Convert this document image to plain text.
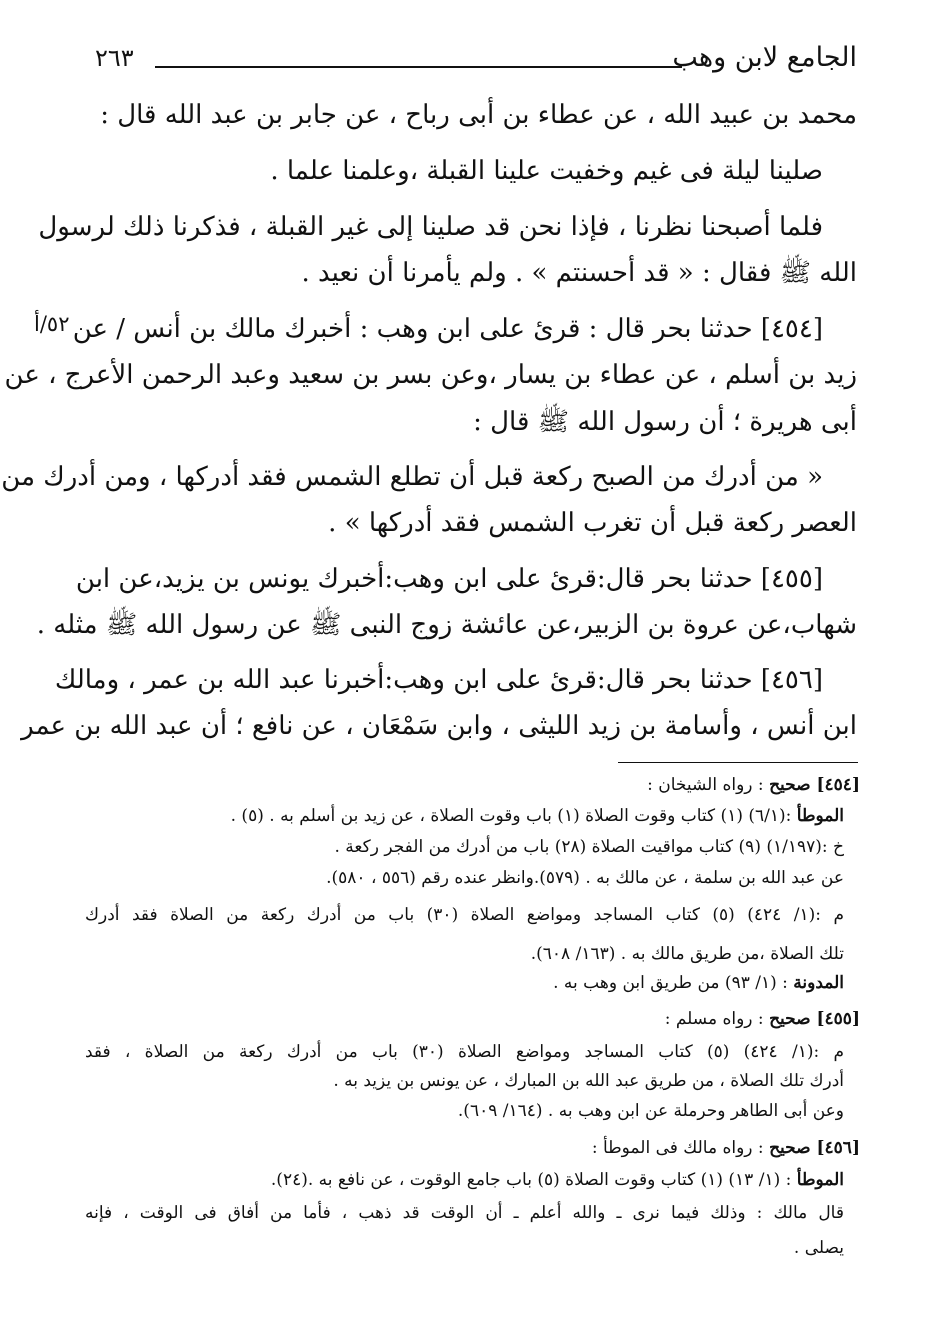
الجامع لابن وهب
٢٦٣
٥٢/أ
محمد بن عبيد الله ، عن عطاء بن أبى رباح ، عن جابر بن عبد الله قال :
صلينا ليلة فى غيم وخفيت علينا القبلة ،وعلمنا علما .
فلما أصبحنا نظرنا ، فإذا نحن قد صلينا إلى غير القبلة ، فذكرنا ذلك لرسول
الله ﷺ فقال : « قد أحسنتم » . ولم يأمرنا أن نعيد .
[٤٥٤] حدثنا بحر قال : قرئ على ابن وهب : أخبرك مالك بن أنس / عن
زيد بن أسلم ، عن عطاء بن يسار ،وعن بسر بن سعيد وعبد الرحمن الأعرج ، عن
أبى هريرة ؛ أن رسول الله ﷺ قال :
« من أدرك من الصبح ركعة قبل أن تطلع الشمس فقد أدركها ، ومن أدرك من
العصر ركعة قبل أن تغرب الشمس فقد أدركها » .
[٤٥٥] حدثنا بحر قال:قرئ على ابن وهب:أخبرك يونس بن يزيد،عن ابن
شهاب،عن عروة بن الزبير،عن عائشة زوج النبى ﷺ عن رسول الله ﷺ مثله .
[٤٥٦] حدثنا بحر قال:قرئ على ابن وهب:أخبرنا عبد الله بن عمر ، ومالك
ابن أنس ، وأسامة بن زيد الليثى ، وابن سَمْعَان ، عن نافع ؛ أن عبد الله بن عمر
[٤٥٤] صحيح : رواه الشيخان :
الموطأ :(٦/١) (١) كتاب وقوت الصلاة (١) باب وقوت الصلاة ، عن زيد بن أسلم به . (٥) .
خ :(١/١٩٧) (٩) كتاب مواقيت الصلاة (٢٨) باب من أدرك من الفجر ركعة .
عن عبد الله بن سلمة ، عن مالك به . (٥٧٩).وانظر عنده رقم (٥٥٦ ، ٥٨٠).
م :(١/ ٤٢٤) (٥) كتاب المساجد ومواضع الصلاة (٣٠) باب من أدرك ركعة من الصلاة فقد أدرك
تلك الصلاة ،من طريق مالك به . (١٦٣/ ٦٠٨).
المدونة : (١/ ٩٣) من طريق ابن وهب به .
[٤٥٥] صحيح : رواه مسلم :
م :(١/ ٤٢٤) (٥) كتاب المساجد ومواضع الصلاة (٣٠) باب من أدرك ركعة من الصلاة ، فقد
أدرك تلك الصلاة ، من طريق عبد الله بن المبارك ، عن يونس بن يزيد به .
وعن أبى الطاهر وحرملة عن ابن وهب به . (١٦٤/ ٦٠٩).
[٤٥٦] صحيح : رواه مالك فى الموطأ :
الموطأ : (١/ ١٣) (١) كتاب وقوت الصلاة (٥) باب جامع الوقوت ، عن نافع به .(٢٤).
قال مالك : وذلك فيما نرى ـ والله أعلم ـ أن الوقت قد ذهب ، فأما من أفاق فى الوقت ، فإنه
يصلى .
